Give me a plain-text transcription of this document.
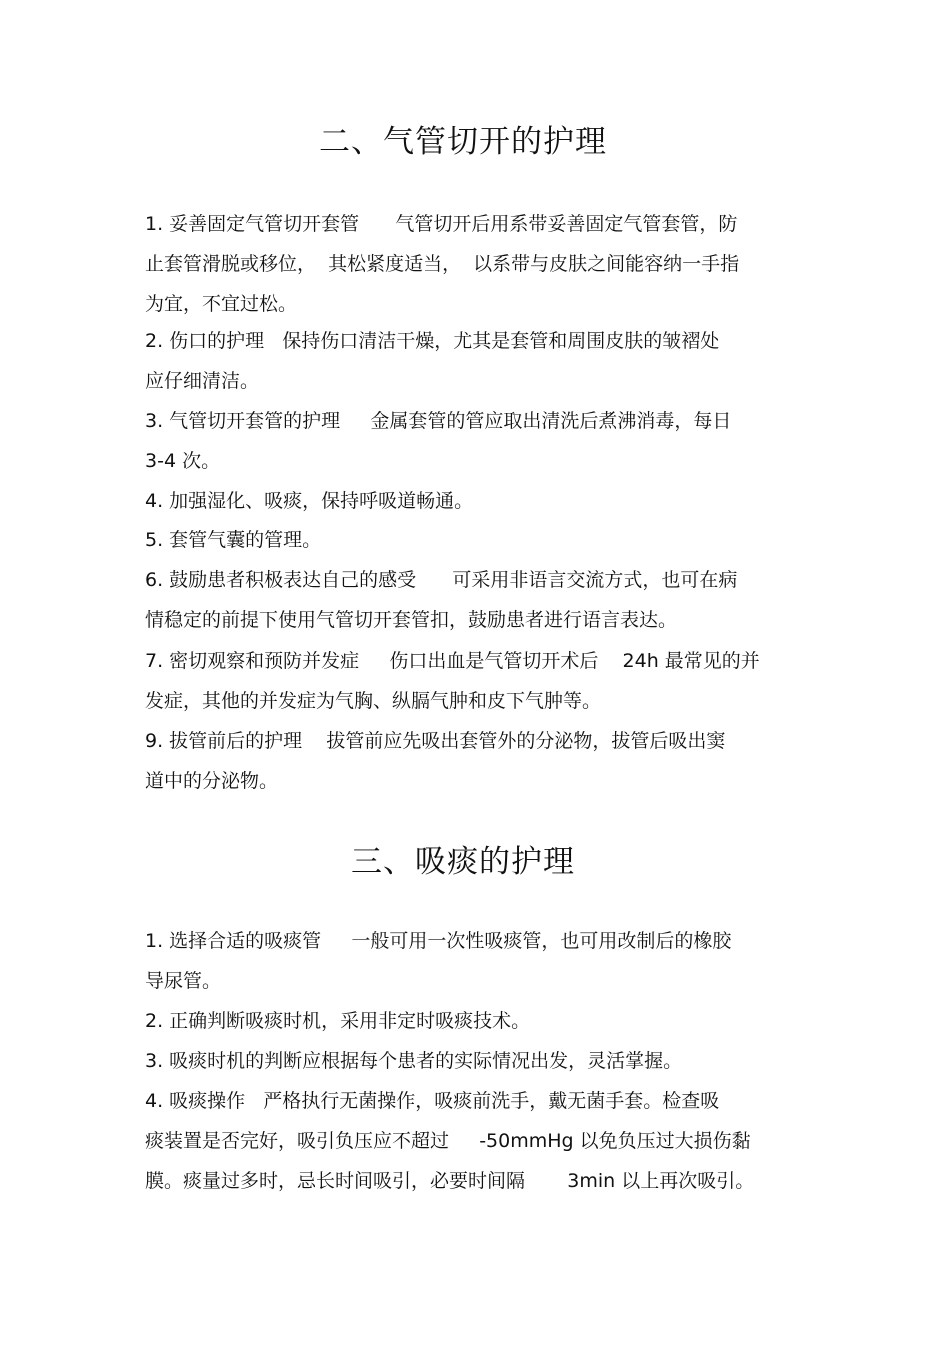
二、气管切开的护理

1. 妥善固定气管切开套管      气管切开后用系带妥善固定气管套管，防
止套管滑脱或移位，  其松紧度适当，  以系带与皮肤之间能容纳一手指
为宜，不宜过松。

2. 伤口的护理   保持伤口清洁干燥，尤其是套管和周围皮肤的皱褶处
应仔细清洁。

3. 气管切开套管的护理     金属套管的管应取出清洗后煮沸消毒，每日
3-4 次。

4. 加强湿化、吸痰，保持呼吸道畅通。

5. 套管气囊的管理。

6. 鼓励患者积极表达自己的感受      可采用非语言交流方式，也可在病
情稳定的前提下使用气管切开套管扣，鼓励患者进行语言表达。

7. 密切观察和预防并发症     伤口出血是气管切开术后    24h 最常见的并
发症，其他的并发症为气胸、纵膈气肿和皮下气肿等。

9. 拔管前后的护理    拔管前应先吸出套管外的分泌物，拔管后吸出窦
道中的分泌物。

三、吸痰的护理

1. 选择合适的吸痰管     一般可用一次性吸痰管，也可用改制后的橡胶
导尿管。

2. 正确判断吸痰时机，采用非定时吸痰技术。

3. 吸痰时机的判断应根据每个患者的实际情况出发，灵活掌握。

4. 吸痰操作   严格执行无菌操作，吸痰前洗手，戴无菌手套。检查吸
痰装置是否完好，吸引负压应不超过     -50mmHg 以免负压过大损伤黏
膜。痰量过多时，忌长时间吸引，必要时间隔       3min 以上再次吸引。
